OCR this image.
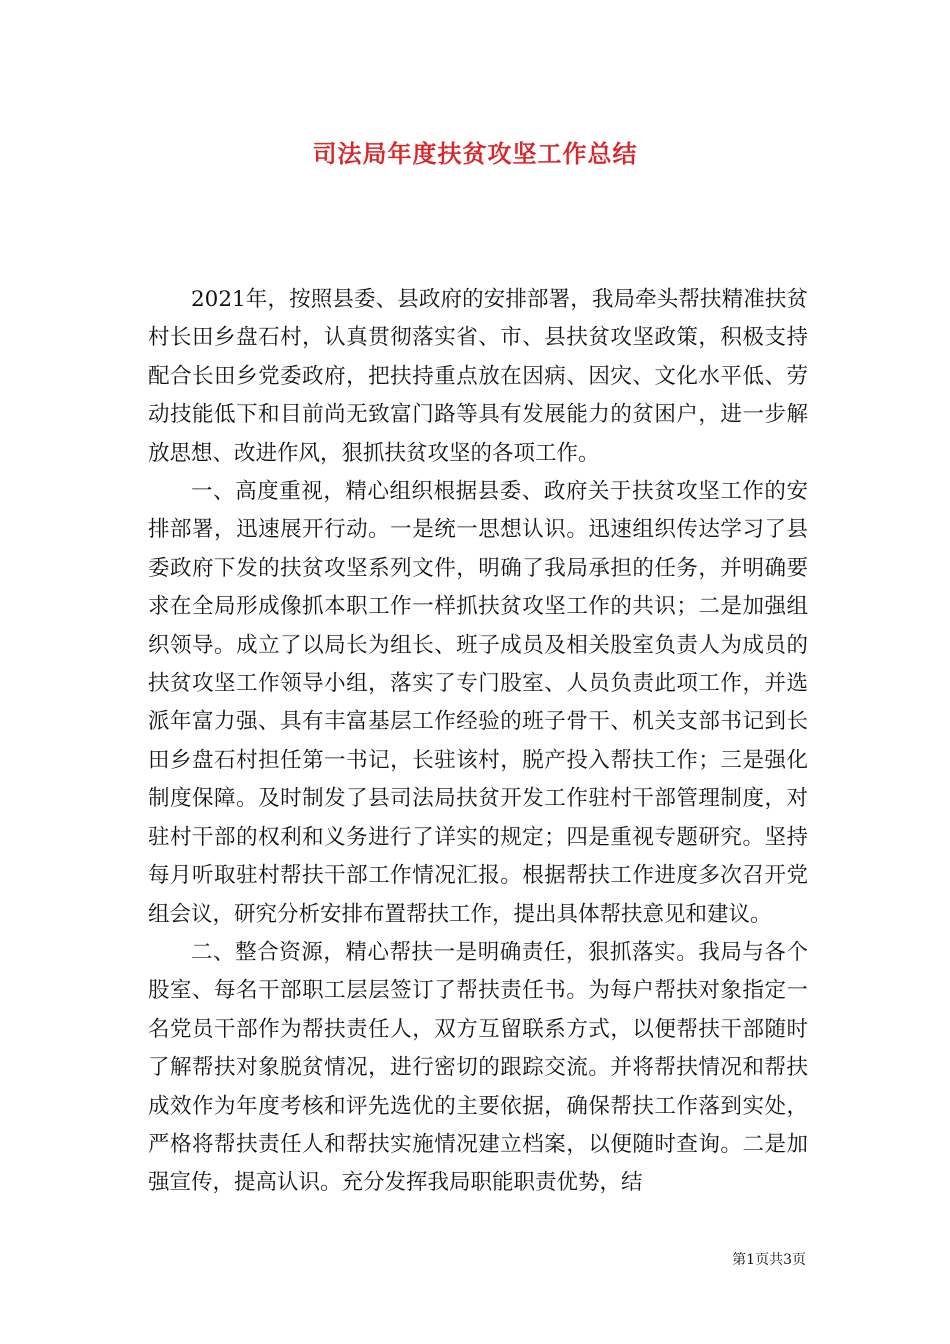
司法局年度扶贫攻坚工作总结

2021年，按照县委、县政府的安排部署，我局牵头帮扶精准扶贫村长田乡盘石村，认真贯彻落实省、市、县扶贫攻坚政策，积极支持配合长田乡党委政府，把扶持重点放在因病、因灾、文化水平低、劳动技能低下和目前尚无致富门路等具有发展能力的贫困户，进一步解放思想、改进作风，狠抓扶贫攻坚的各项工作。

一、高度重视，精心组织根据县委、政府关于扶贫攻坚工作的安排部署，迅速展开行动。一是统一思想认识。迅速组织传达学习了县委政府下发的扶贫攻坚系列文件，明确了我局承担的任务，并明确要求在全局形成像抓本职工作一样抓扶贫攻坚工作的共识；二是加强组织领导。成立了以局长为组长、班子成员及相关股室负责人为成员的扶贫攻坚工作领导小组，落实了专门股室、人员负责此项工作，并选派年富力强、具有丰富基层工作经验的班子骨干、机关支部书记到长田乡盘石村担任第一书记，长驻该村，脱产投入帮扶工作；三是强化制度保障。及时制发了县司法局扶贫开发工作驻村干部管理制度，对驻村干部的权利和义务进行了详实的规定；四是重视专题研究。坚持每月听取驻村帮扶干部工作情况汇报。根据帮扶工作进度多次召开党组会议，研究分析安排布置帮扶工作，提出具体帮扶意见和建议。

二、整合资源，精心帮扶一是明确责任，狠抓落实。我局与各个股室、每名干部职工层层签订了帮扶责任书。为每户帮扶对象指定一名党员干部作为帮扶责任人，双方互留联系方式，以便帮扶干部随时了解帮扶对象脱贫情况，进行密切的跟踪交流。并将帮扶情况和帮扶成效作为年度考核和评先选优的主要依据，确保帮扶工作落到实处，严格将帮扶责任人和帮扶实施情况建立档案，以便随时查询。二是加强宣传，提高认识。充分发挥我局职能职责优势，结

第1页共3页
